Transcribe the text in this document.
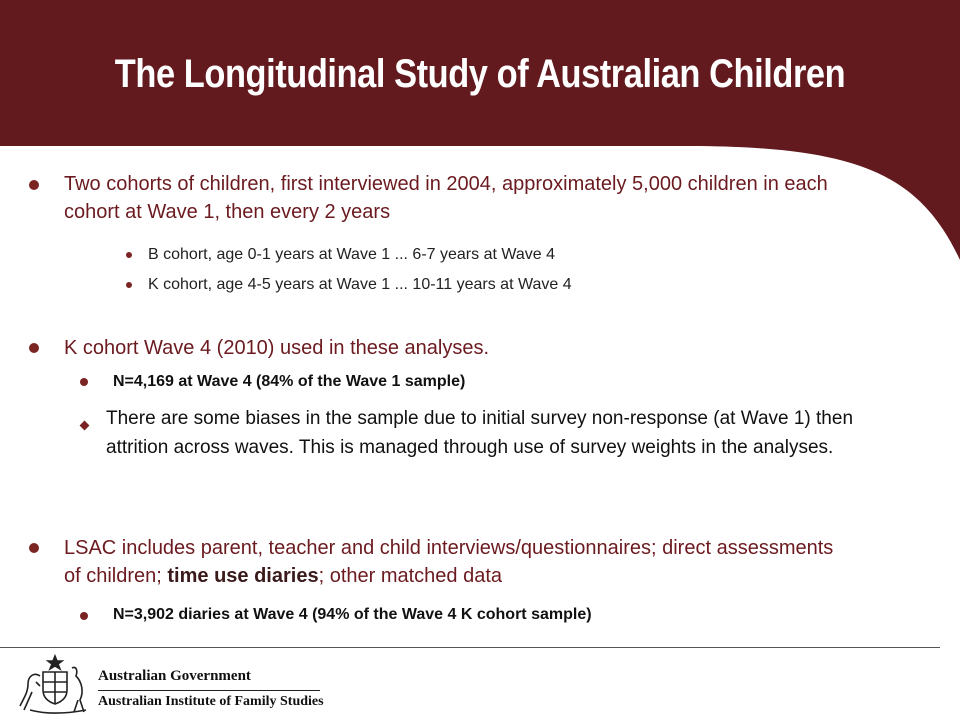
The Longitudinal Study of Australian Children
Two cohorts of children, first interviewed in 2004, approximately 5,000 children in each cohort at Wave 1, then every 2 years
B cohort, age 0-1 years at Wave 1 ... 6-7 years at Wave 4
K cohort, age 4-5 years at Wave 1 ... 10-11 years at Wave 4
K cohort Wave 4 (2010) used in these analyses.
N=4,169 at Wave 4 (84% of the Wave 1 sample)
There are some biases in the sample due to initial survey non-response (at Wave 1) then attrition across waves. This is managed through use of survey weights in the analyses.
LSAC includes parent, teacher and child interviews/questionnaires; direct assessments of children; time use diaries; other matched data
N=3,902 diaries at Wave 4 (94% of the Wave 4 K cohort sample)
Australian Government
Australian Institute of Family Studies
